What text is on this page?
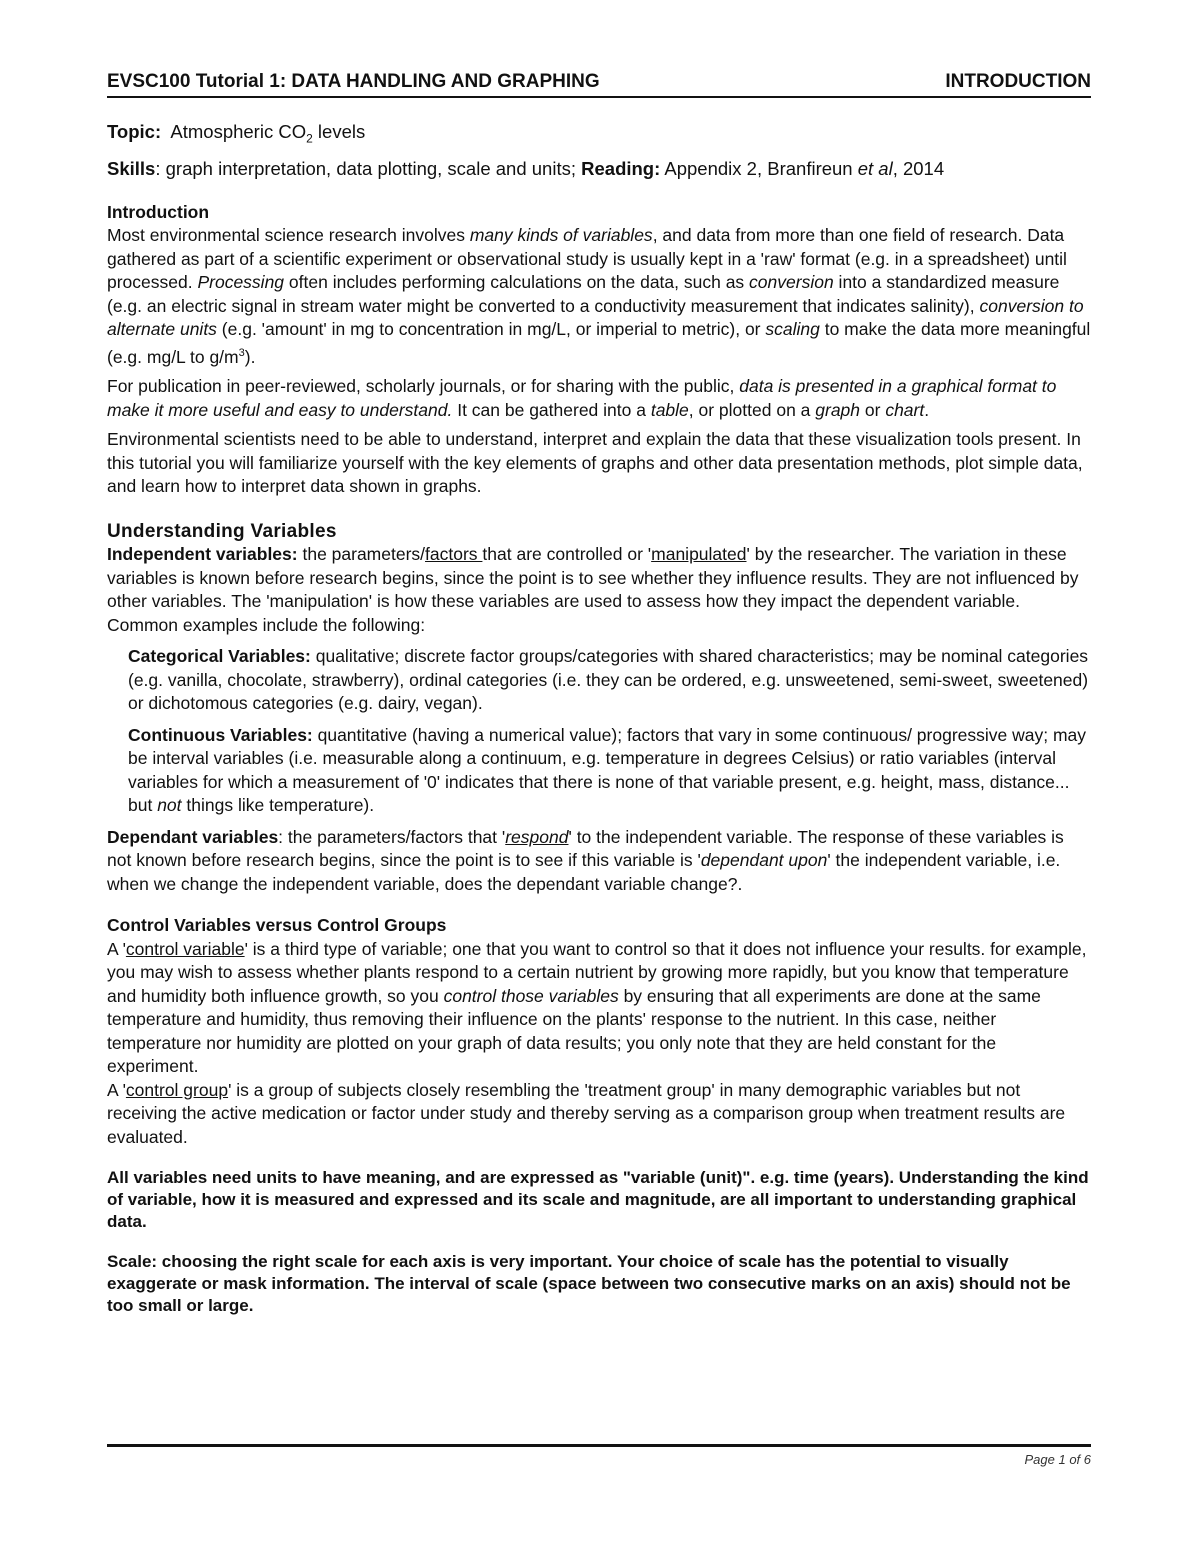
EVSC100 Tutorial 1: DATA HANDLING AND GRAPHING	INTRODUCTION

Topic: Atmospheric $CO_2$ levels

Skills: graph interpretation, data plotting, scale and units; Reading: Appendix 2, Branfireun et al, 2014

Introduction

Most environmental science research involves many kinds of variables, and data from more than one field of research. Data gathered as part of a scientific experiment or observational study is usually kept in a 'raw' format (e.g. in a spreadsheet) until processed. Processing often includes performing calculations on the data, such as conversion into a standardized measure (e.g. an electric signal in stream water might be converted to a conductivity measurement that indicates salinity), conversion to alternate units (e.g. 'amount' in mg to concentration in mg/L, or imperial to metric), or scaling to make the data more meaningful (e.g. mg/L to $g/m^3$).

For publication in peer-reviewed, scholarly journals, or for sharing with the public, data is presented in a graphical format to make it more useful and easy to understand. It can be gathered into a table, or plotted on a graph or chart.

Environmental scientists need to be able to understand, interpret and explain the data that these visualization tools present. In this tutorial you will familiarize yourself with the key elements of graphs and other data presentation methods, plot simple data, and learn how to interpret data shown in graphs.

Understanding Variables

Independent variables: the parameters/factors that are controlled or 'manipulated' by the researcher. The variation in these variables is known before research begins, since the point is to see whether they influence results. They are not influenced by other variables. The 'manipulation' is how these variables are used to assess how they impact the dependent variable. Common examples include the following:

Categorical Variables: qualitative; discrete factor groups/categories with shared characteristics; may be nominal categories (e.g. vanilla, chocolate, strawberry), ordinal categories (i.e. they can be ordered, e.g. unsweetened, semi-sweet, sweetened) or dichotomous categories (e.g. dairy, vegan).

Continuous Variables: quantitative (having a numerical value); factors that vary in some continuous/ progressive way; may be interval variables (i.e. measurable along a continuum, e.g. temperature in degrees Celsius) or ratio variables (interval variables for which a measurement of '0' indicates that there is none of that variable present, e.g. height, mass, distance... but not things like temperature).

Dependant variables: the parameters/factors that 'respond' to the independent variable. The response of these variables is not known before research begins, since the point is to see if this variable is 'dependant upon' the independent variable, i.e. when we change the independent variable, does the dependant variable change?.

Control Variables versus Control Groups

A 'control variable' is a third type of variable; one that you want to control so that it does not influence your results. for example, you may wish to assess whether plants respond to a certain nutrient by growing more rapidly, but you know that temperature and humidity both influence growth, so you control those variables by ensuring that all experiments are done at the same temperature and humidity, thus removing their influence on the plants' response to the nutrient. In this case, neither temperature nor humidity are plotted on your graph of data results; you only note that they are held constant for the experiment.

A 'control group' is a group of subjects closely resembling the 'treatment group' in many demographic variables but not receiving the active medication or factor under study and thereby serving as a comparison group when treatment results are evaluated.

All variables need units to have meaning, and are expressed as "variable (unit)". e.g. time (years). Understanding the kind of variable, how it is measured and expressed and its scale and magnitude, are all important to understanding graphical data.

Scale: choosing the right scale for each axis is very important. Your choice of scale has the potential to visually exaggerate or mask information. The interval of scale (space between two consecutive marks on an axis) should not be too small or large.

Page 1 of 6
